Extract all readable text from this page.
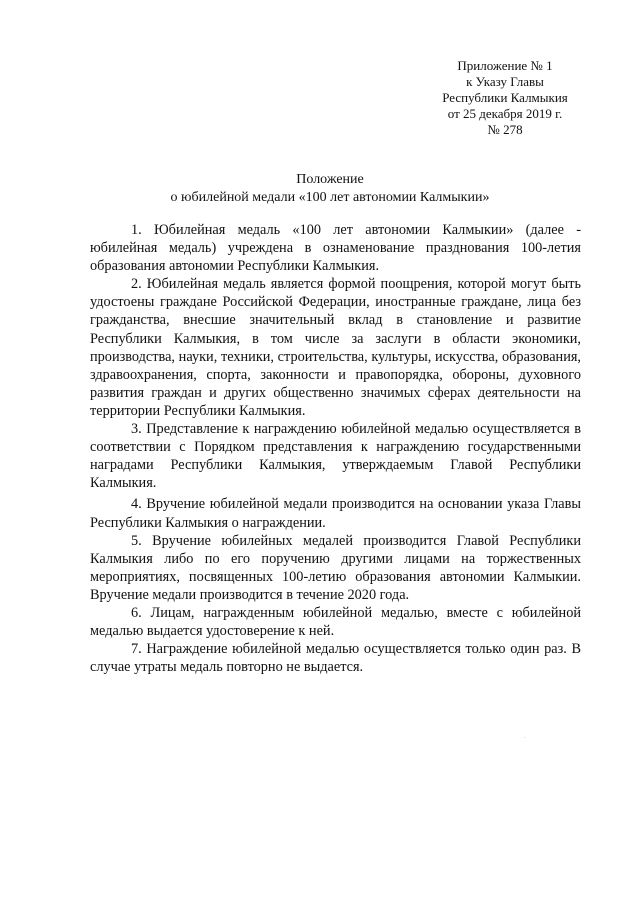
Приложение № 1
к Указу Главы
Республики Калмыкия
от 25 декабря 2019 г.
№ 278
Положение
о юбилейной медали «100 лет автономии Калмыкии»

1. Юбилейная медаль «100 лет автономии Калмыкии» (далее - юбилейная медаль) учреждена в ознаменование празднования 100-летия образования автономии Республики Калмыкия.

2. Юбилейная медаль является формой поощрения, которой могут быть удостоены граждане Российской Федерации, иностранные граждане, лица без гражданства, внесшие значительный вклад в становление и развитие Республики Калмыкия, в том числе за заслуги в области экономики, производства, науки, техники, строительства, культуры, искусства, образования, здравоохранения, спорта, законности и правопорядка, обороны, духовного развития граждан и других общественно значимых сферах деятельности на территории Республики Калмыкия.

3. Представление к награждению юбилейной медалью осуществляется в соответствии с Порядком представления к награждению государственными наградами Республики Калмыкия, утверждаемым Главой Республики Калмыкия.

4. Вручение юбилейной медали производится на основании указа Главы Республики Калмыкия о награждении.

5. Вручение юбилейных медалей производится Главой Республики Калмыкия либо по его поручению другими лицами на торжественных мероприятиях, посвященных 100-летию образования автономии Калмыкии. Вручение медали производится в течение 2020 года.

6. Лицам, награжденным юбилейной медалью, вместе с юбилейной медалью выдается удостоверение к ней.

7. Награждение юбилейной медалью осуществляется только один раз. В случае утраты медаль повторно не выдается.

.
